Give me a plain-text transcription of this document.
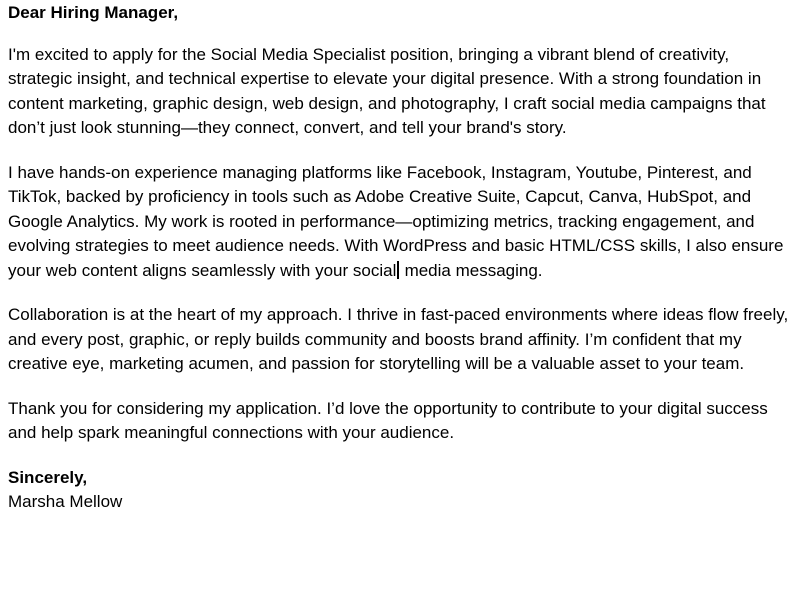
Dear Hiring Manager,

I'm excited to apply for the Social Media Specialist position, bringing a vibrant blend of creativity, strategic insight, and technical expertise to elevate your digital presence. With a strong foundation in content marketing, graphic design, web design, and photography, I craft social media campaigns that don’t just look stunning—they connect, convert, and tell your brand's story.

I have hands-on experience managing platforms like Facebook, Instagram, Youtube, Pinterest, and TikTok, backed by proficiency in tools such as Adobe Creative Suite, Capcut, Canva, HubSpot, and Google Analytics. My work is rooted in performance—optimizing metrics, tracking engagement, and evolving strategies to meet audience needs. With WordPress and basic HTML/CSS skills, I also ensure your web content aligns seamlessly with your social media messaging.

Collaboration is at the heart of my approach. I thrive in fast-paced environments where ideas flow freely, and every post, graphic, or reply builds community and boosts brand affinity. I’m confident that my creative eye, marketing acumen, and passion for storytelling will be a valuable asset to your team.

Thank you for considering my application. I’d love the opportunity to contribute to your digital success and help spark meaningful connections with your audience.

Sincerely,
Marsha Mellow
